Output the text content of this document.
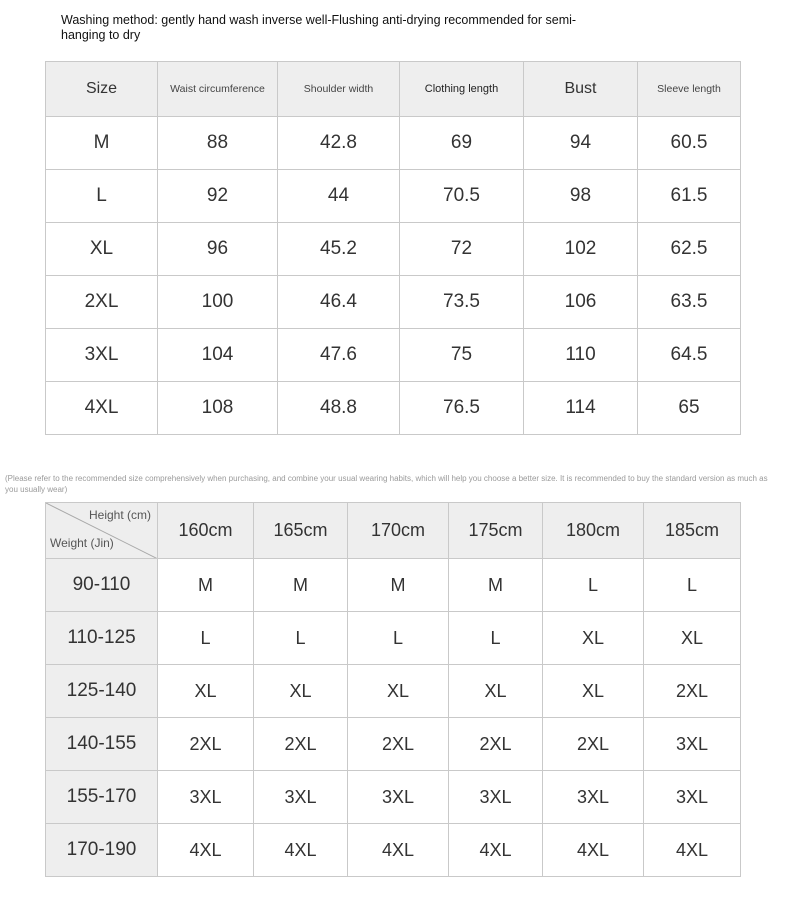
Washing method: gently hand wash inverse well-Flushing anti-drying recommended for semi-hanging to dry
Size	Waist circumference	Shoulder width	Clothing length	Bust	Sleeve length
M	88	42.8	69	94	60.5
L	92	44	70.5	98	61.5
XL	96	45.2	72	102	62.5
2XL	100	46.4	73.5	106	63.5
3XL	104	47.6	75	110	64.5
4XL	108	48.8	76.5	114	65
(Please refer to the recommended size comprehensively when purchasing, and combine your usual wearing habits, which will help you choose a better size. It is recommended to buy the standard version as much as you usually wear)
Height (cm)
Weight (Jin)	160cm	165cm	170cm	175cm	180cm	185cm
90-110	M	M	M	M	L	L
110-125	L	L	L	L	XL	XL
125-140	XL	XL	XL	XL	XL	2XL
140-155	2XL	2XL	2XL	2XL	2XL	3XL
155-170	3XL	3XL	3XL	3XL	3XL	3XL
170-190	4XL	4XL	4XL	4XL	4XL	4XL
